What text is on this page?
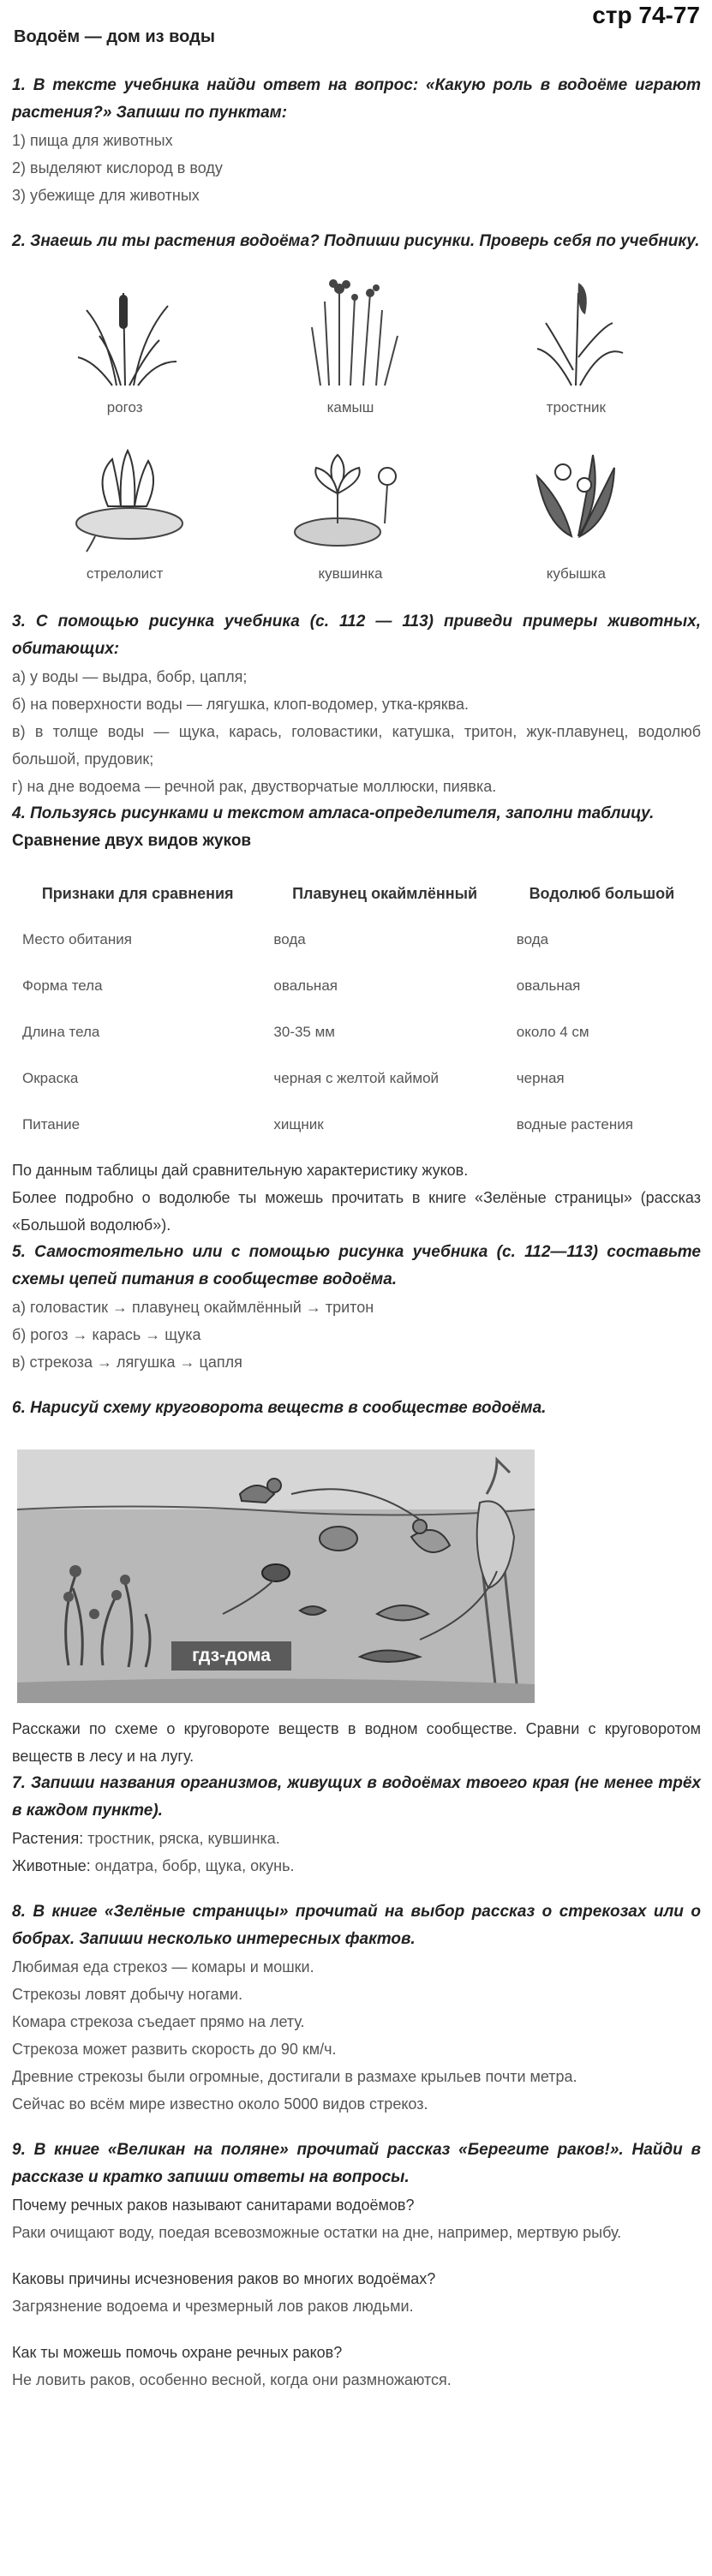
стр 74-77
Водоём — дом из воды
1. В тексте учебника найди ответ на вопрос: «Какую роль в водоёме играют растения?» Запиши по пунктам:
1) пища для животных
2) выделяют кислород в воду
3) убежище для животных
2. Знаешь ли ты растения водоёма? Подпиши рисунки. Проверь себя по учебнику.
рогоз	камыш	тростник
стрелолист	кувшинка	кубышка
3. С помощью рисунка учебника (с. 112 — 113) приведи примеры животных, обитающих:
а) у воды — выдра, бобр, цапля;
б) на поверхности воды — лягушка, клоп-водомер, утка-кряква.
в) в толще воды — щука, карась, головастики, катушка, тритон, жук-плавунец, водолюб большой, прудовик;
г) на дне водоема — речной рак, двустворчатые моллюски, пиявка.
4. Пользуясь рисунками и текстом атласа-определителя, заполни таблицу.
Сравнение двух видов жуков
Признаки для сравнения	Плавунец окаймлённый	Водолюб большой
Место обитания	вода	вода
Форма тела	овальная	овальная
Длина тела	30-35 мм	около 4 см
Окраска	черная с желтой каймой	черная
Питание	хищник	водные растения
По данным таблицы дай сравнительную характеристику жуков.
Более подробно о водолюбе ты можешь прочитать в книге «Зелёные страницы» (рассказ «Большой водолюб»).
5. Самостоятельно или с помощью рисунка учебника (с. 112—113) составьте схемы цепей питания в сообществе водоёма.
а) головастик → плавунец окаймлённый → тритон
б) рогоз → карась → щука
в) стрекоза → лягушка → цапля
6. Нарисуй схему круговорота веществ в сообществе водоёма.
гдз-дома
Расскажи по схеме о круговороте веществ в водном сообществе. Сравни с круговоротом веществ в лесу и на лугу.
7. Запиши названия организмов, живущих в водоёмах твоего края (не менее трёх в каждом пункте).
Растения: тростник, ряска, кувшинка.
Животные: ондатра, бобр, щука, окунь.
8. В книге «Зелёные страницы» прочитай на выбор рассказ о стрекозах или о бобрах. Запиши несколько интересных фактов.
Любимая еда стрекоз — комары и мошки.
Стрекозы ловят добычу ногами.
Комара стрекоза съедает прямо на лету.
Стрекоза может развить скорость до 90 км/ч.
Древние стрекозы были огромные, достигали в размахе крыльев почти метра.
Сейчас во всём мире известно около 5000 видов стрекоз.
9. В книге «Великан на поляне» прочитай рассказ «Берегите раков!». Найди в рассказе и кратко запиши ответы на вопросы.
Почему речных раков называют санитарами водоёмов?
Раки очищают воду, поедая всевозможные остатки на дне, например, мертвую рыбу.
Каковы причины исчезновения раков во многих водоёмах?
Загрязнение водоема и чрезмерный лов раков людьми.
Как ты можешь помочь охране речных раков?
Не ловить раков, особенно весной, когда они размножаются.
